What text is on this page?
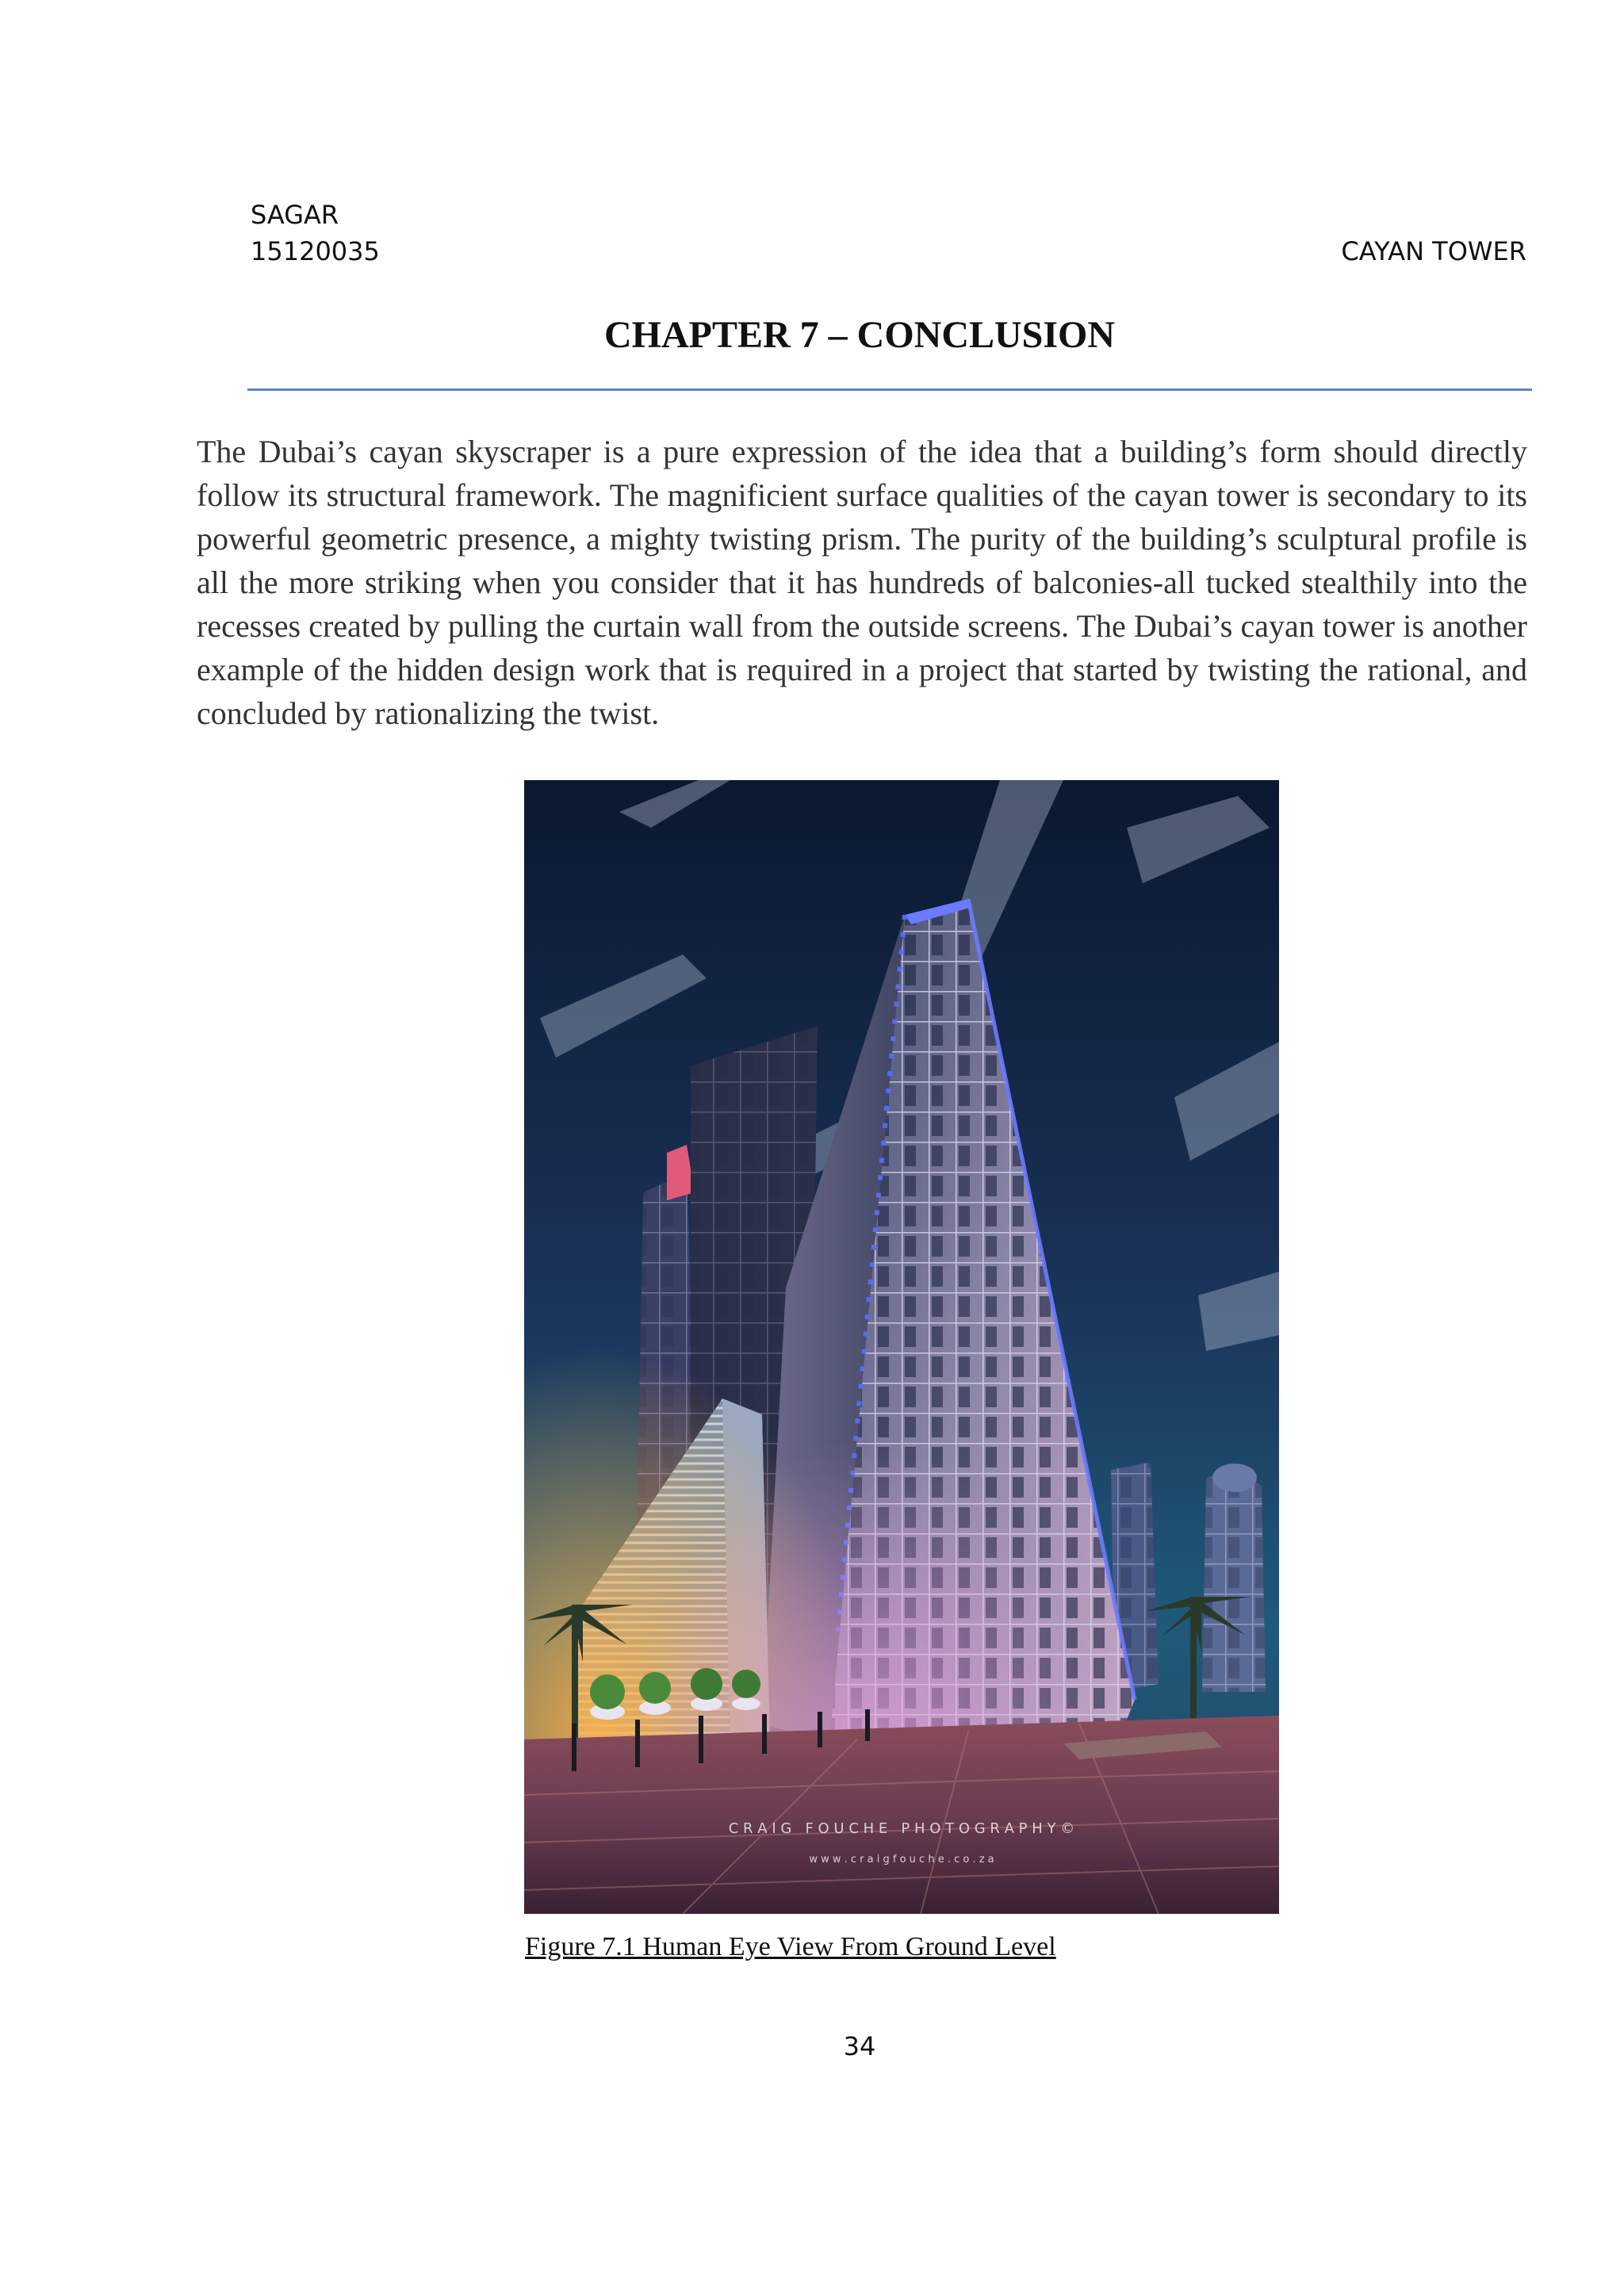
SAGAR

15120035	CAYAN TOWER

CHAPTER 7 – CONCLUSION

The Dubai’s cayan skyscraper is a pure expression of the idea that a building’s form should directly follow its structural framework. The magnificient surface qualities of the cayan tower is secondary to its powerful geometric presence, a mighty twisting prism. The purity of the building’s sculptural profile is all the more striking when you consider that it has hundreds of balconies-all tucked stealthily into the recesses created by pulling the curtain wall from the outside screens. The Dubai’s cayan tower is another example of the hidden design work that is required in a project that started by twisting the rational, and concluded by rationalizing the twist.

C R A I G   F O U C H E   P H O T O G R A P H Y ©
w w w . c r a i g f o u c h e . c o . z a

Figure 7.1 Human Eye View From Ground Level

34
